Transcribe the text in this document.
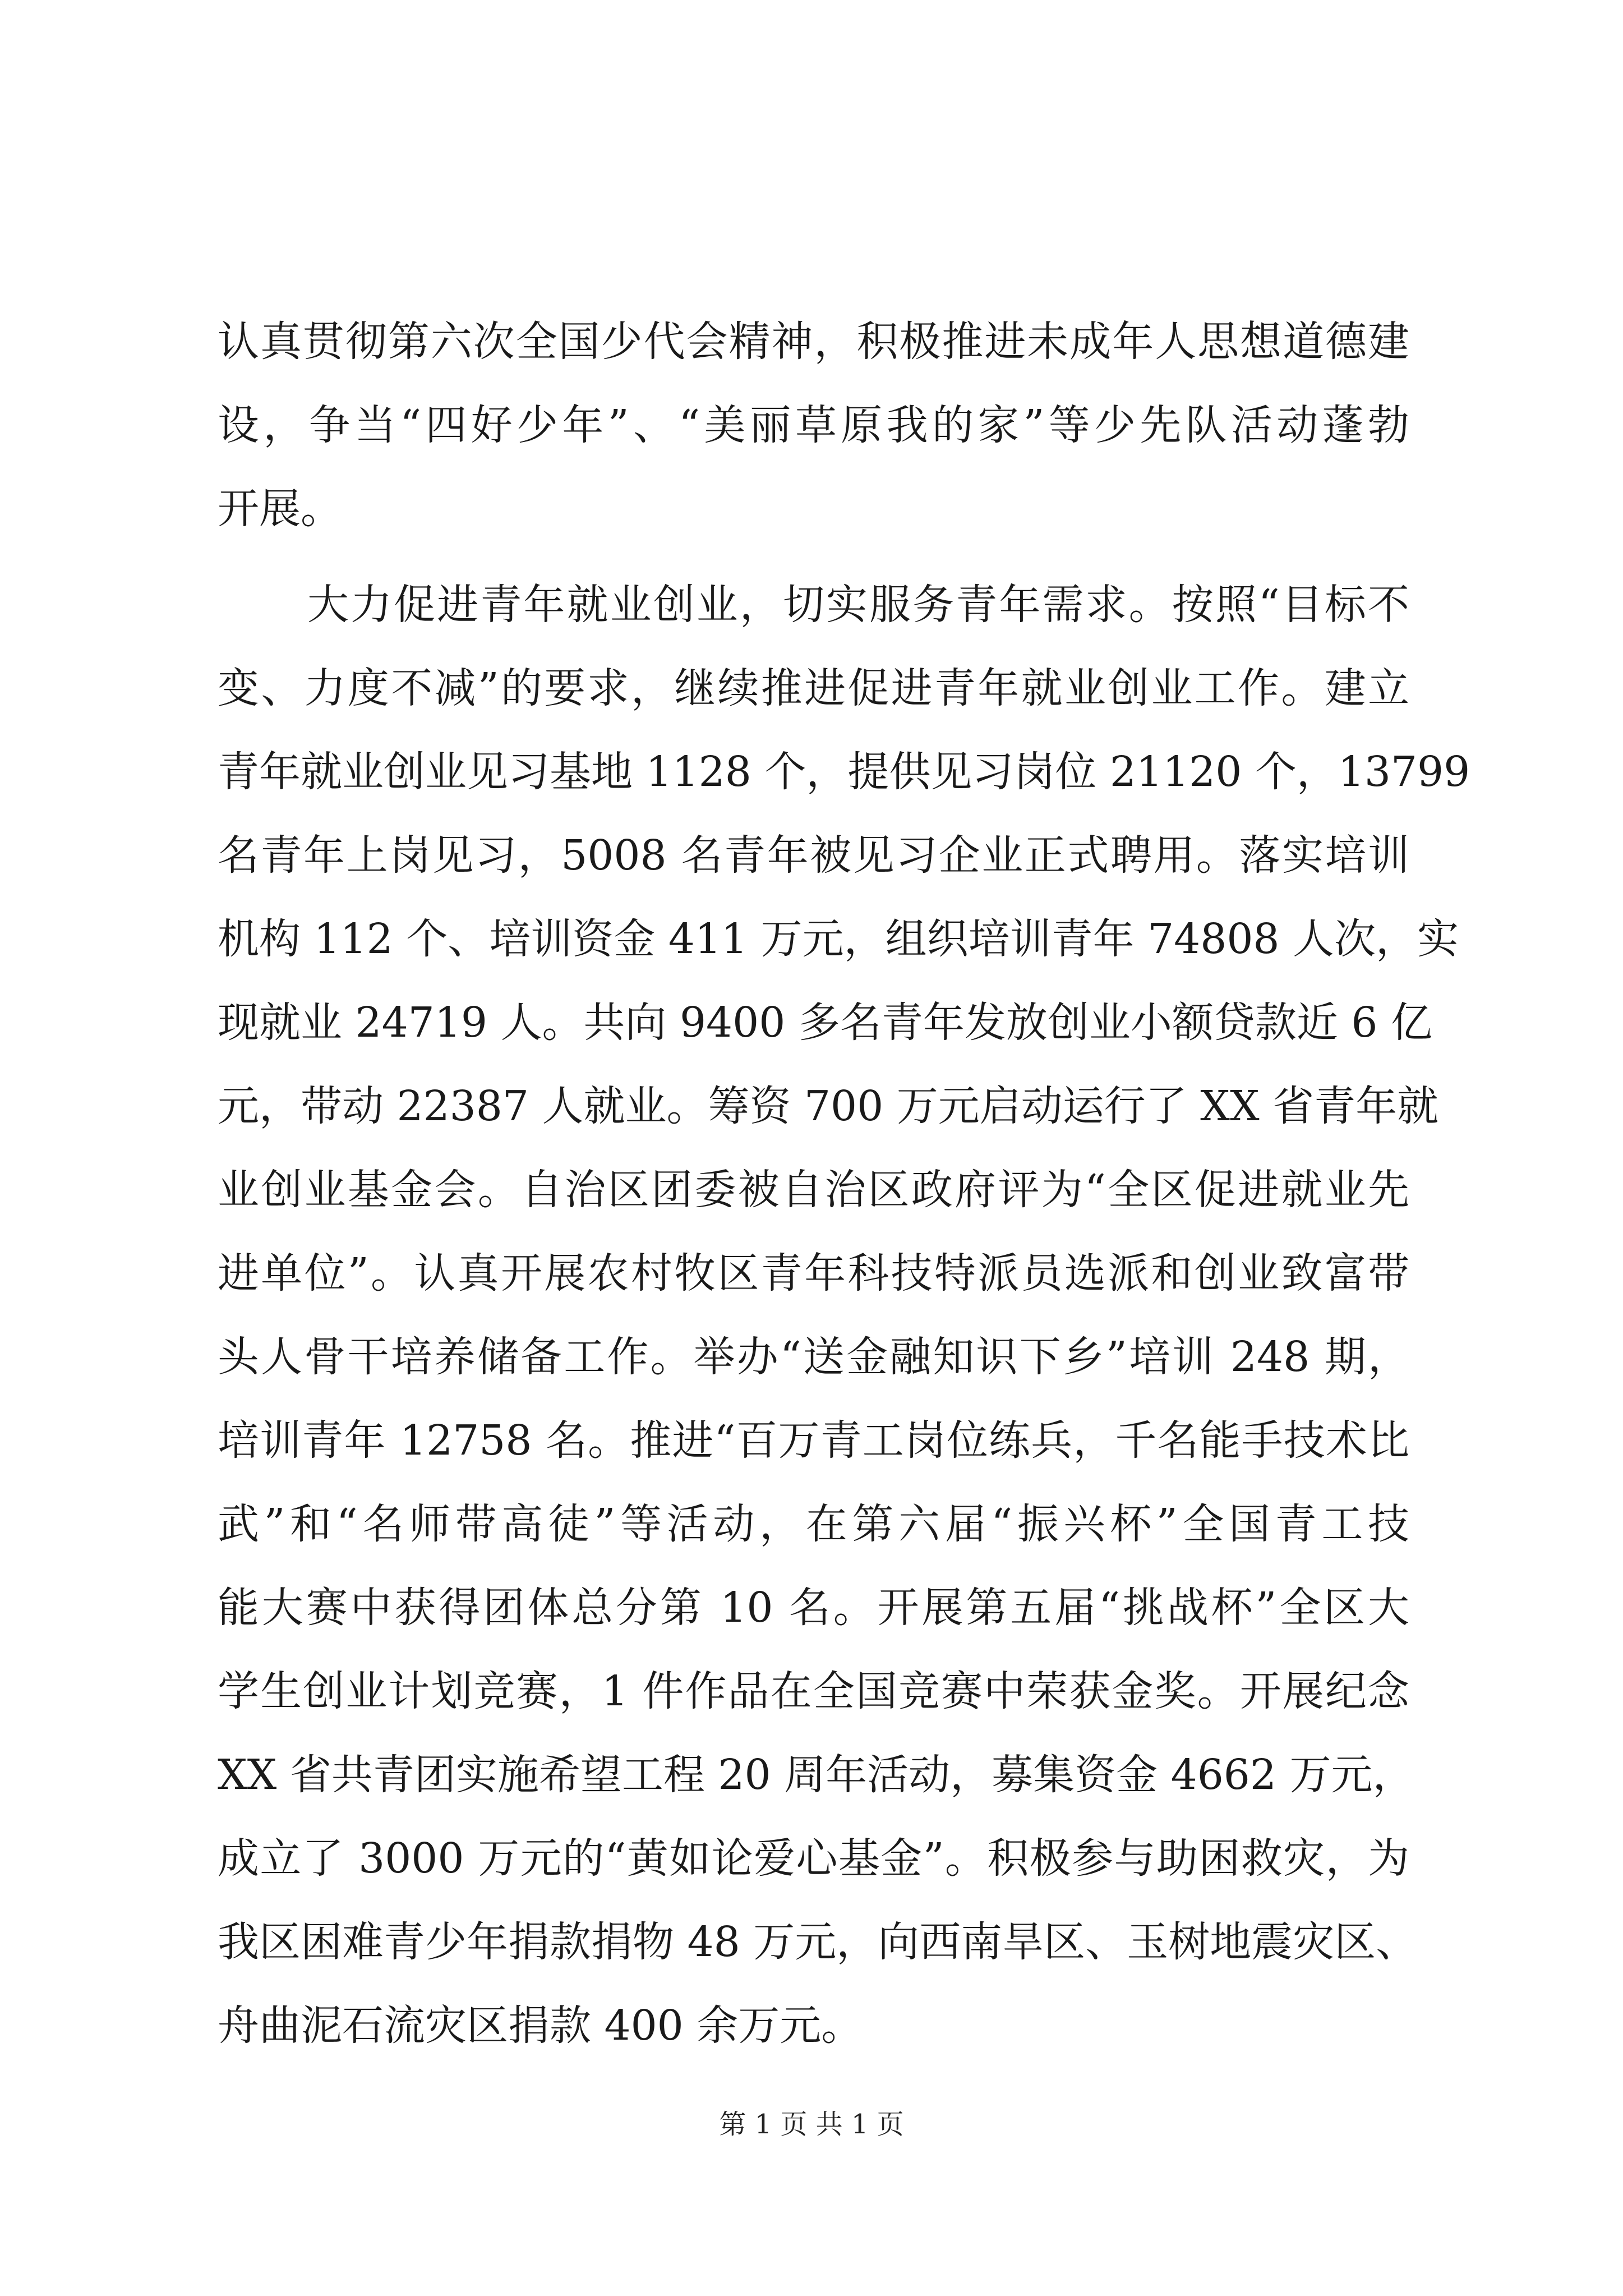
认真贯彻第六次全国少代会精神，积极推进未成年人思想道德建
设，争当“四好少年”、“美丽草原我的家”等少先队活动蓬勃
开展。
大力促进青年就业创业，切实服务青年需求。按照“目标不
变、力度不减”的要求，继续推进促进青年就业创业工作。建立
青年就业创业见习基地 1128 个，提供见习岗位 21120 个，13799
名青年上岗见习，5008 名青年被见习企业正式聘用。落实培训
机构 112 个、培训资金 411 万元，组织培训青年 74808 人次，实
现就业 24719 人。共向 9400 多名青年发放创业小额贷款近 6 亿
元，带动 22387 人就业。筹资 700 万元启动运行了 XX 省青年就
业创业基金会。自治区团委被自治区政府评为“全区促进就业先
进单位”。认真开展农村牧区青年科技特派员选派和创业致富带
头人骨干培养储备工作。举办“送金融知识下乡”培训 248 期，
培训青年 12758 名。推进“百万青工岗位练兵，千名能手技术比
武”和“名师带高徒”等活动，在第六届“振兴杯”全国青工技
能大赛中获得团体总分第 10 名。开展第五届“挑战杯”全区大
学生创业计划竞赛，1 件作品在全国竞赛中荣获金奖。开展纪念
XX 省共青团实施希望工程 20 周年活动，募集资金 4662 万元，
成立了 3000 万元的“黄如论爱心基金”。积极参与助困救灾，为
我区困难青少年捐款捐物 48 万元，向西南旱区、玉树地震灾区、
舟曲泥石流灾区捐款 400 余万元。
第 1 页 共 1 页
